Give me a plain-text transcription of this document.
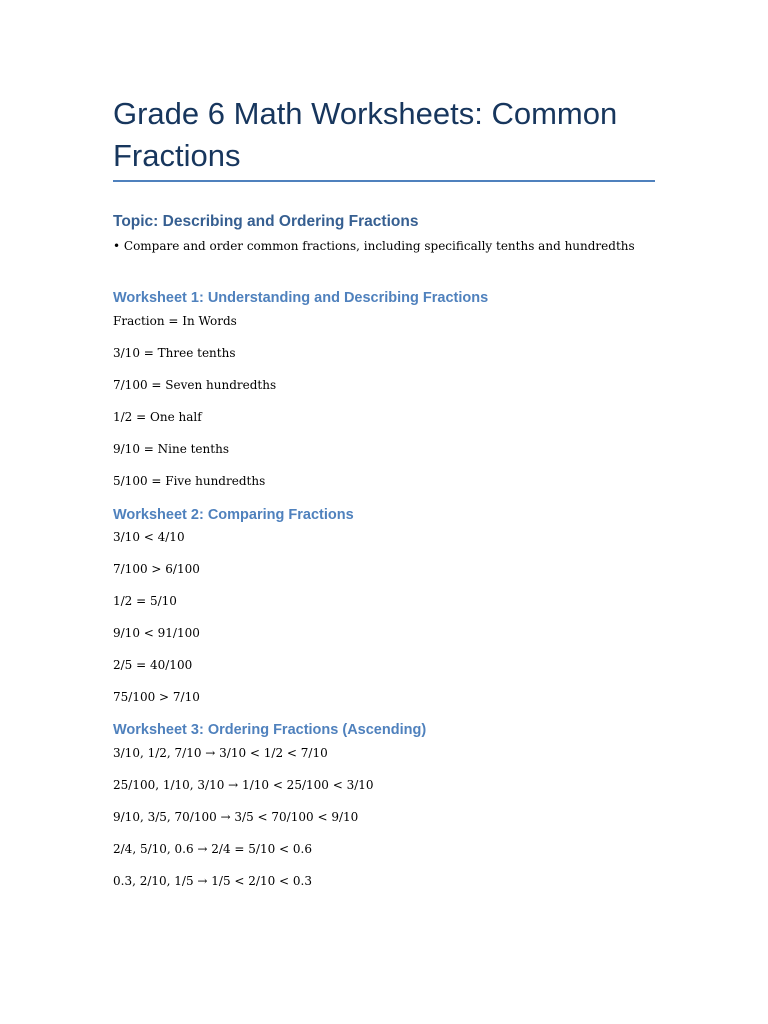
Grade 6 Math Worksheets: Common Fractions
Topic: Describing and Ordering Fractions

• Compare and order common fractions, including specifically tenths and hundredths

Worksheet 1: Understanding and Describing Fractions

Fraction = In Words

3/10 = Three tenths

7/100 = Seven hundredths

1/2 = One half

9/10 = Nine tenths

5/100 = Five hundredths

Worksheet 2: Comparing Fractions

3/10 < 4/10

7/100 > 6/100

1/2 = 5/10

9/10 < 91/100

2/5 = 40/100

75/100 > 7/10

Worksheet 3: Ordering Fractions (Ascending)

3/10, 1/2, 7/10 → 3/10 < 1/2 < 7/10

25/100, 1/10, 3/10 → 1/10 < 25/100 < 3/10

9/10, 3/5, 70/100 → 3/5 < 70/100 < 9/10

2/4, 5/10, 0.6 → 2/4 = 5/10 < 0.6

0.3, 2/10, 1/5 → 1/5 < 2/10 < 0.3
